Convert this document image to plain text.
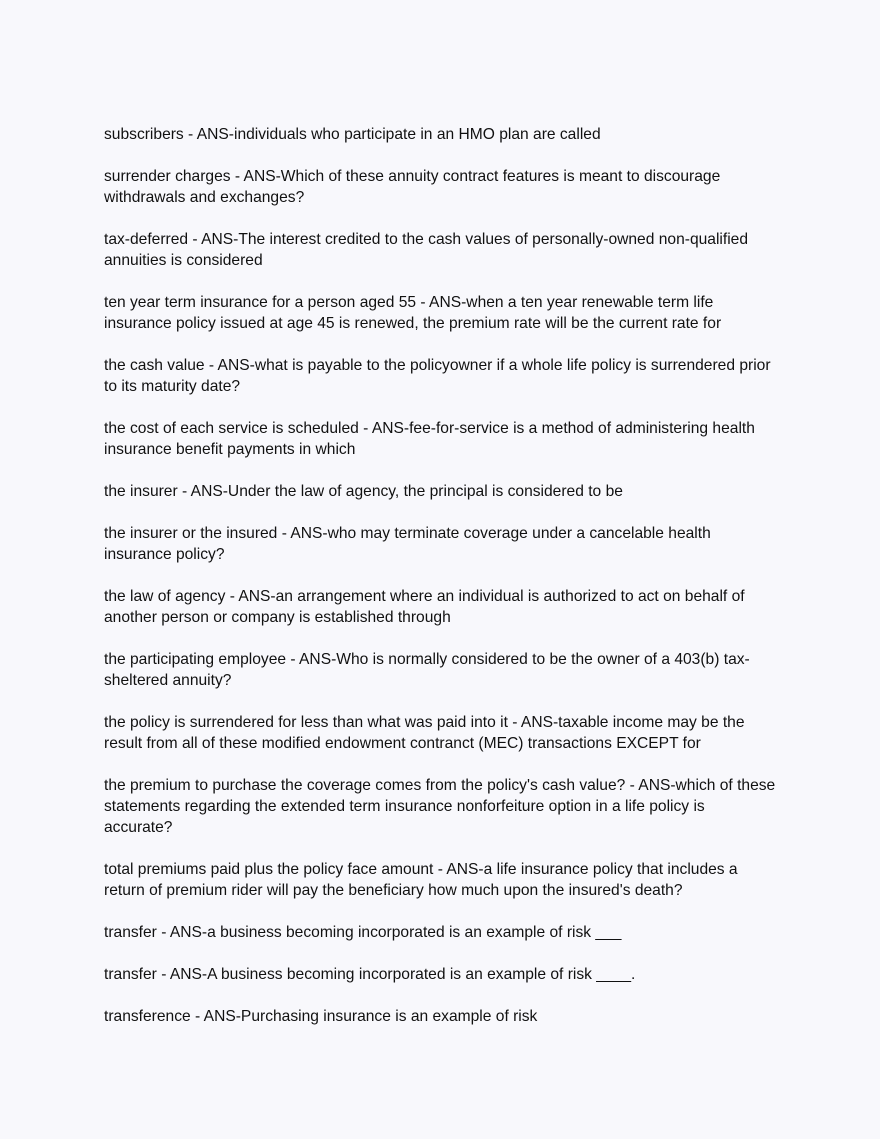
subscribers - ANS-individuals who participate in an HMO plan are called

surrender charges - ANS-Which of these annuity contract features is meant to discourage withdrawals and exchanges?

tax-deferred - ANS-The interest credited to the cash values of personally-owned non-qualified annuities is considered

ten year term insurance for a person aged 55 - ANS-when a ten year renewable term life insurance policy issued at age 45 is renewed, the premium rate will be the current rate for

the cash value - ANS-what is payable to the policyowner if a whole life policy is surrendered prior to its maturity date?

the cost of each service is scheduled - ANS-fee-for-service is a method of administering health insurance benefit payments in which

the insurer - ANS-Under the law of agency, the principal is considered to be

the insurer or the insured - ANS-who may terminate coverage under a cancelable health insurance policy?

the law of agency - ANS-an arrangement where an individual is authorized to act on behalf of another person or company is established through

the participating employee - ANS-Who is normally considered to be the owner of a 403(b) tax-sheltered annuity?

the policy is surrendered for less than what was paid into it - ANS-taxable income may be the result from all of these modified endowment contranct (MEC) transactions EXCEPT for

the premium to purchase the coverage comes from the policy's cash value? - ANS-which of these statements regarding the extended term insurance nonforfeiture option in a life policy is accurate?

total premiums paid plus the policy face amount - ANS-a life insurance policy that includes a return of premium rider will pay the beneficiary how much upon the insured's death?

transfer - ANS-a business becoming incorporated is an example of risk ___

transfer - ANS-A business becoming incorporated is an example of risk ____.

transference - ANS-Purchasing insurance is an example of risk
